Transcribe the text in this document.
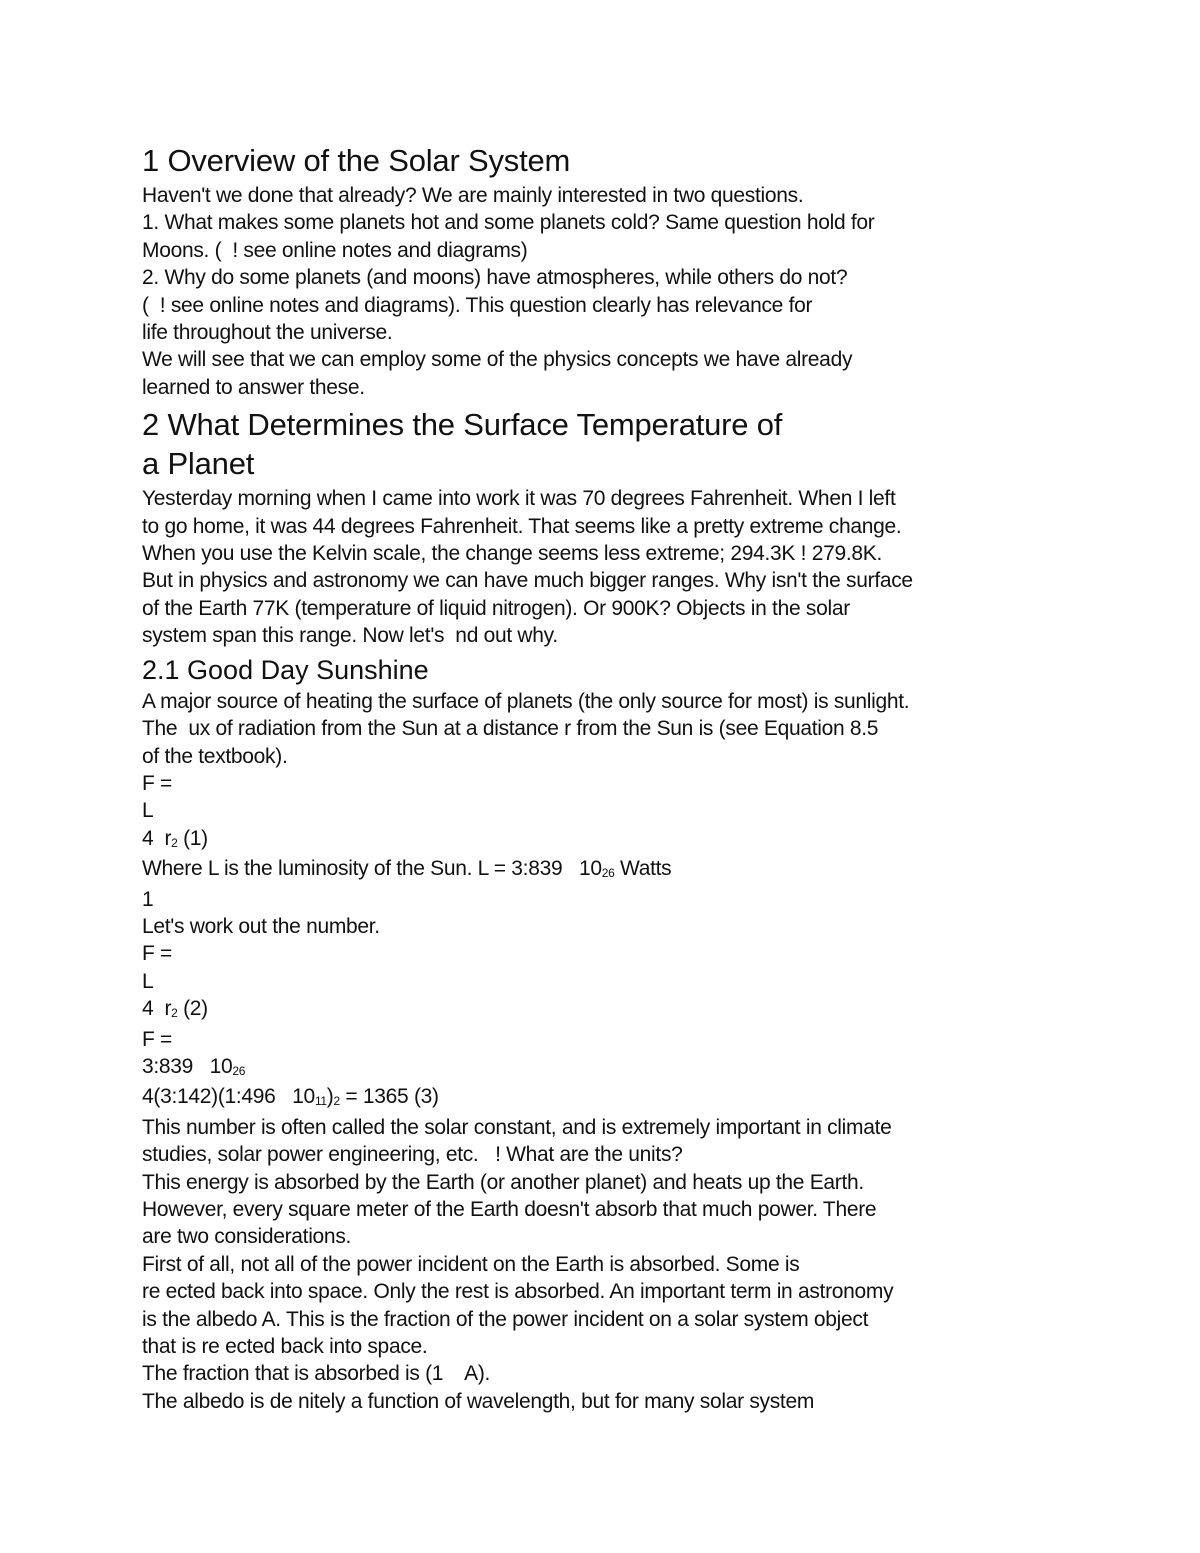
1 Overview of the Solar System
Haven't we done that already? We are mainly interested in two questions.
1. What makes some planets hot and some planets cold? Same question hold for
Moons. (  ! see online notes and diagrams)
2. Why do some planets (and moons) have atmospheres, while others do not?
(  ! see online notes and diagrams). This question clearly has relevance for
life throughout the universe.
We will see that we can employ some of the physics concepts we have already
learned to answer these.
2 What Determines the Surface Temperature of
a Planet
Yesterday morning when I came into work it was 70 degrees Fahrenheit. When I left
to go home, it was 44 degrees Fahrenheit. That seems like a pretty extreme change.
When you use the Kelvin scale, the change seems less extreme; 294.3K ! 279.8K.
But in physics and astronomy we can have much bigger ranges. Why isn't the surface
of the Earth 77K (temperature of liquid nitrogen). Or 900K? Objects in the solar
system span this range. Now let's  nd out why.
2.1 Good Day Sunshine
A major source of heating the surface of planets (the only source for most) is sunlight.
The  ux of radiation from the Sun at a distance r from the Sun is (see Equation 8.5
of the textbook).
F =
L
4  $r_2$ (1)
Where L is the luminosity of the Sun. L = 3:839   $10_{26}$ Watts
1
Let's work out the number.
F =
L
4  $r_2$ (2)
F =
3:839   $10_{26}$
4(3:142)(1:496   $10_{11})_2 = 1365$ (3)
This number is often called the solar constant, and is extremely important in climate
studies, solar power engineering, etc.   ! What are the units?
This energy is absorbed by the Earth (or another planet) and heats up the Earth.
However, every square meter of the Earth doesn't absorb that much power. There
are two considerations.
First of all, not all of the power incident on the Earth is absorbed. Some is
re ected back into space. Only the rest is absorbed. An important term in astronomy
is the albedo A. This is the fraction of the power incident on a solar system object
that is re ected back into space.
The fraction that is absorbed is (1    A).
The albedo is de nitely a function of wavelength, but for many solar system
